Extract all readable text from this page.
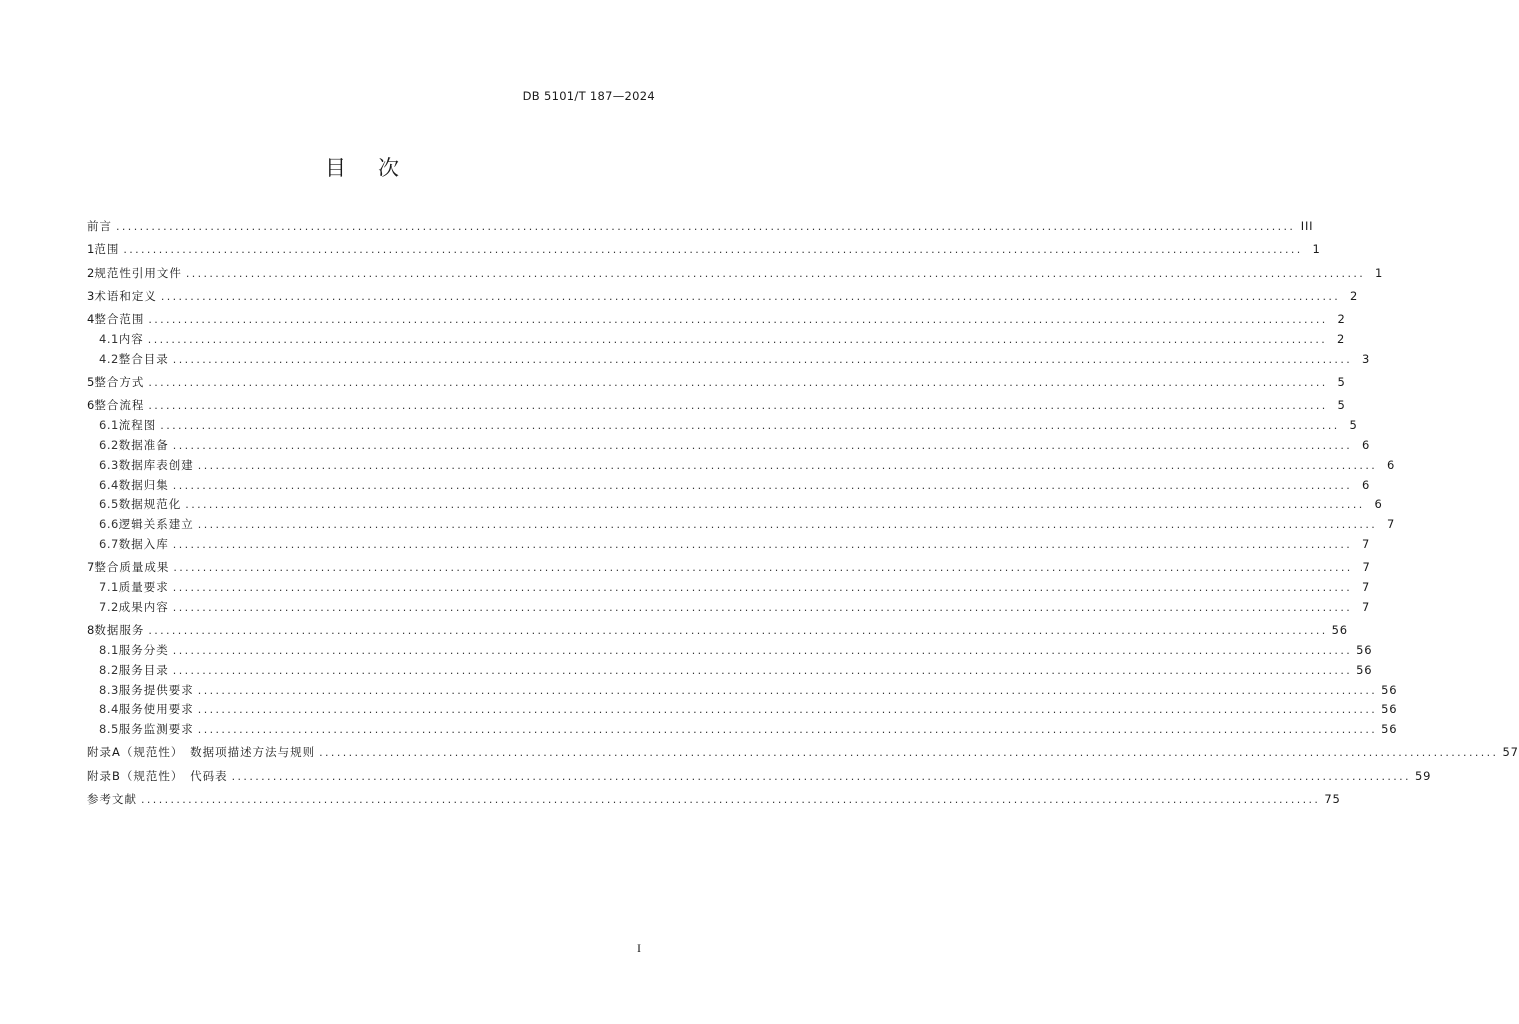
DB 5101/T 187—2024
目次
前言 ........................................................................................................................................................................................................ III
1 范围 ........................................................................................................................................................................................................ 1
2 规范性引用文件 ........................................................................................................................................................................................................ 1
3 术语和定义 ........................................................................................................................................................................................................ 2
4 整合范围 ........................................................................................................................................................................................................ 2
4.1 内容 ........................................................................................................................................................................................................ 2
4.2 整合目录 ........................................................................................................................................................................................................ 3
5 整合方式 ........................................................................................................................................................................................................ 5
6 整合流程 ........................................................................................................................................................................................................ 5
6.1 流程图 ........................................................................................................................................................................................................ 5
6.2 数据准备 ........................................................................................................................................................................................................ 6
6.3 数据库表创建 ........................................................................................................................................................................................................ 6
6.4 数据归集 ........................................................................................................................................................................................................ 6
6.5 数据规范化 ........................................................................................................................................................................................................ 6
6.6 逻辑关系建立 ........................................................................................................................................................................................................ 7
6.7 数据入库 ........................................................................................................................................................................................................ 7
7 整合质量成果 ........................................................................................................................................................................................................ 7
7.1 质量要求 ........................................................................................................................................................................................................ 7
7.2 成果内容 ........................................................................................................................................................................................................ 7
8 数据服务 ........................................................................................................................................................................................................ 56
8.1 服务分类 ........................................................................................................................................................................................................ 56
8.2 服务目录 ........................................................................................................................................................................................................ 56
8.3 服务提供要求 ........................................................................................................................................................................................................ 56
8.4 服务使用要求 ........................................................................................................................................................................................................ 56
8.5 服务监测要求 ........................................................................................................................................................................................................ 56
附录A（规范性）　数据项描述方法与规则 ........................................................................................................................................................................................................ 57
附录B（规范性）　代码表 ........................................................................................................................................................................................................ 59
参考文献 ........................................................................................................................................................................................................ 75
I
